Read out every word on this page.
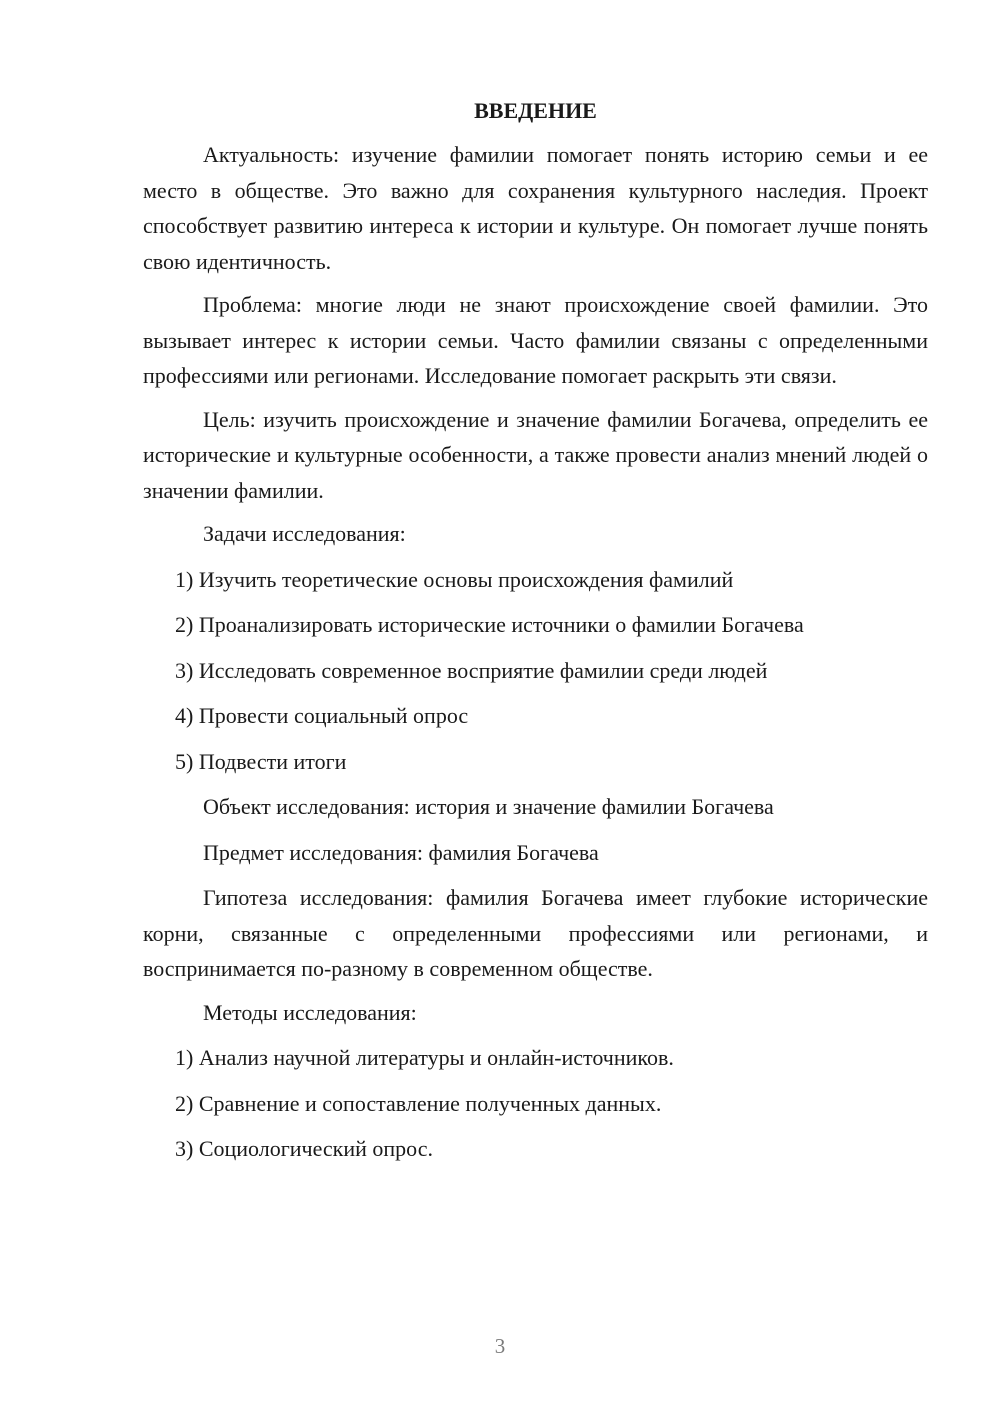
ВВЕДЕНИЕ

Актуальность: изучение фамилии помогает понять историю семьи и ее место в обществе. Это важно для сохранения культурного наследия. Проект способствует развитию интереса к истории и культуре. Он помогает лучше понять свою идентичность.

Проблема: многие люди не знают происхождение своей фамилии. Это вызывает интерес к истории семьи. Часто фамилии связаны с определенными профессиями или регионами. Исследование помогает раскрыть эти связи.

Цель: изучить происхождение и значение фамилии Богачева, определить ее исторические и культурные особенности, а также провести анализ мнений людей о значении фамилии.

Задачи исследования:
1) Изучить теоретические основы происхождения фамилий
2) Проанализировать исторические источники о фамилии Богачева
3) Исследовать современное восприятие фамилии среди людей
4) Провести социальный опрос
5) Подвести итоги
Объект исследования: история и значение фамилии Богачева
Предмет исследования: фамилия Богачева

Гипотеза исследования: фамилия Богачева имеет глубокие исторические корни, связанные с определенными профессиями или регионами, и воспринимается по-разному в современном обществе.

Методы исследования:
1) Анализ научной литературы и онлайн-источников.
2) Сравнение и сопоставление полученных данных.
3) Социологический опрос.
3
